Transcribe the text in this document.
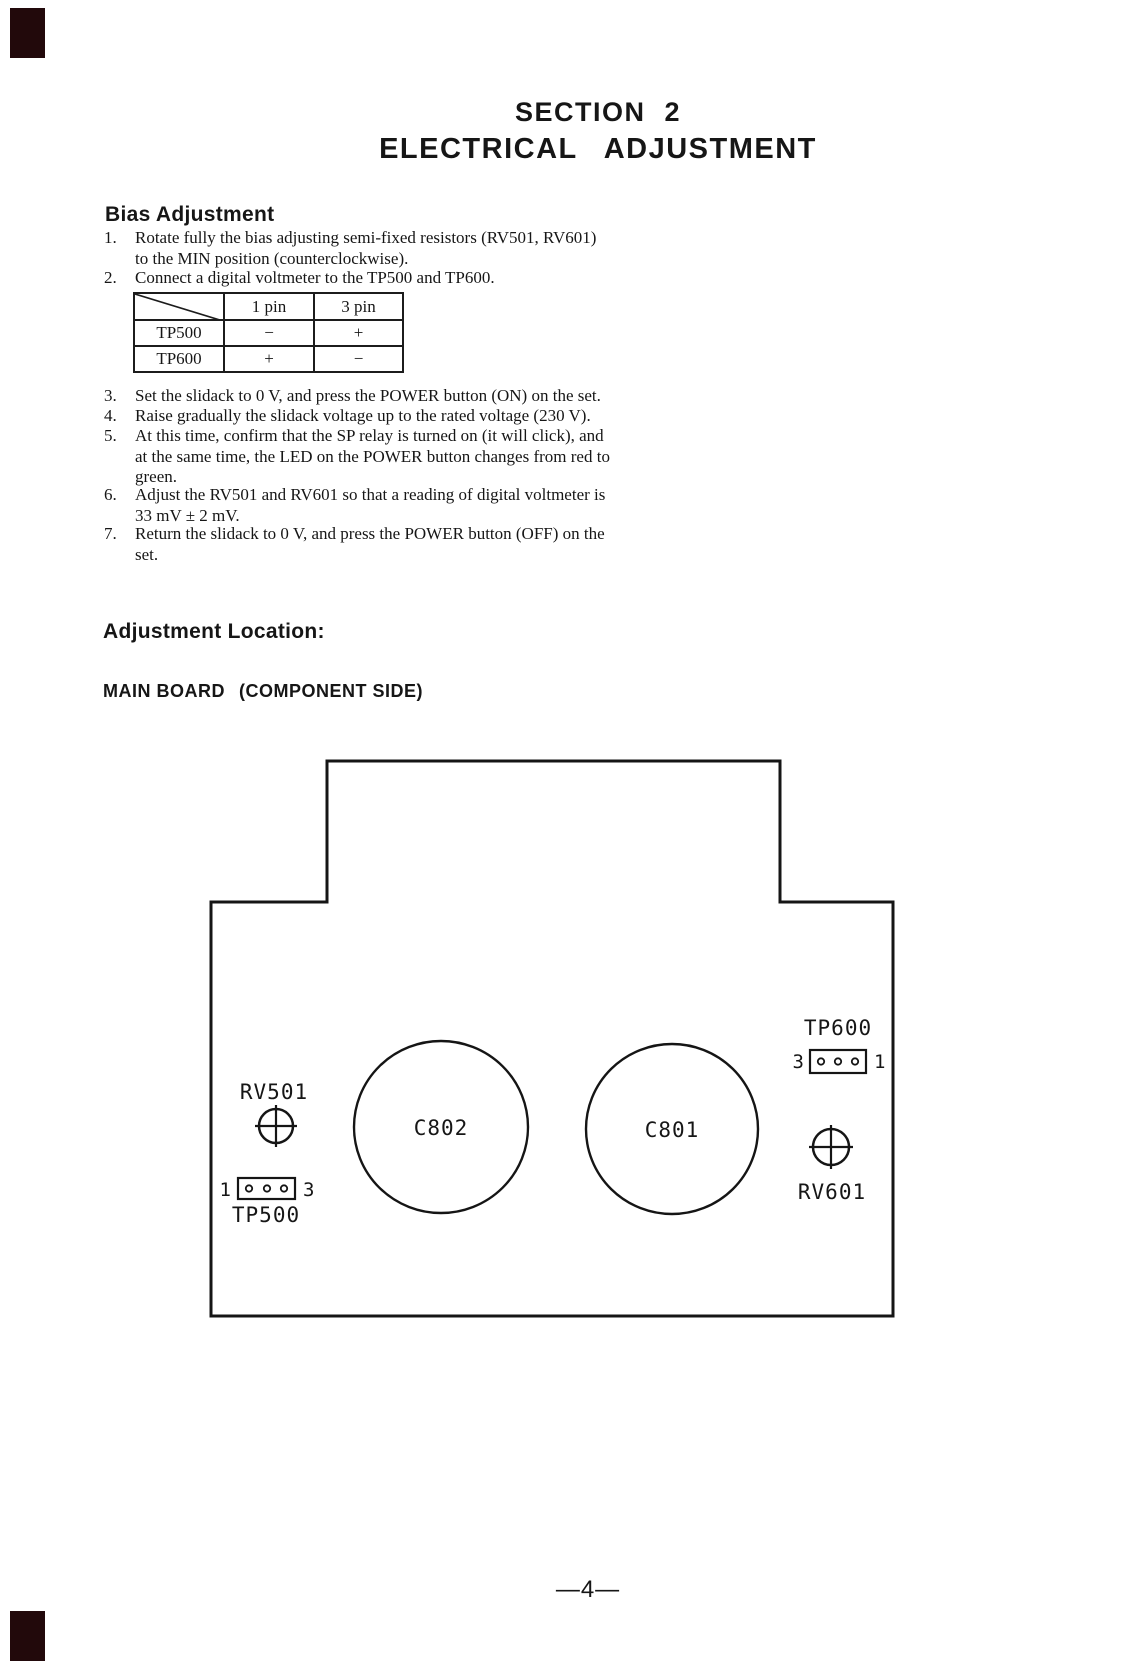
SECTION 2
ELECTRICAL ADJUSTMENT
Bias Adjustment
1.	Rotate fully the bias adjusting semi-fixed resistors (RV501, RV601)
to the MIN position (counterclockwise).
2.	Connect a digital voltmeter to the TP500 and TP600.
	1 pin	3 pin
TP500	−	+
TP600	+	−
3.	Set the slidack to 0 V, and press the POWER button (ON) on the set.
4.	Raise gradually the slidack voltage up to the rated voltage (230 V).
5.	At this time, confirm that the SP relay is turned on (it will click), and
at the same time, the LED on the POWER button changes from red to
green.
6.	Adjust the RV501 and RV601 so that a reading of digital voltmeter is
33 mV ± 2 mV.
7.	Return the slidack to 0 V, and press the POWER button (OFF) on the
set.
Adjustment Location:
MAIN BOARD (COMPONENT SIDE)
TP600
3	1
RV501
C802	C801
RV601
1	3
TP500
—4—
